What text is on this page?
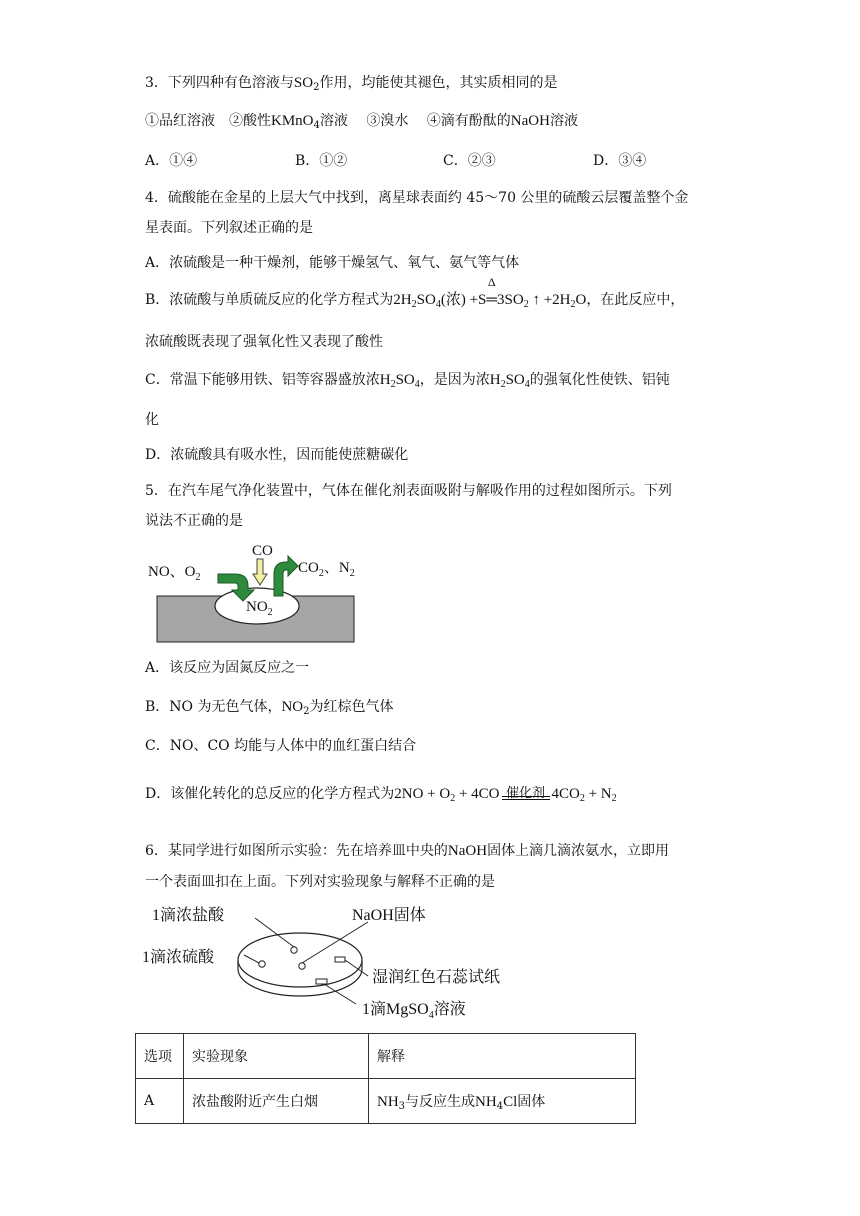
3．下列四种有色溶液与$SO_2$作用，均能使其褪色，其实质相同的是
①品红溶液　②酸性KMnO$_4$溶液　 ③溴水　 ④滴有酚酞的NaOH溶液
A．①④	B．①②	C．②③	D．③④
4．硫酸能在金星的上层大气中找到，离星球表面约 45～70 公里的硫酸云层覆盖整个金
星表面。下列叙述正确的是
A．浓硫酸是一种干燥剂，能够干燥氢气、氧气、氨气等气体
B．浓硫酸与单质硫反应的化学方程式为$2H_2SO_4$(浓) +S
Δ
$═3SO_2$ ↑ $+2H_2O$，在此反应中，
浓硫酸既表现了强氧化性又表现了酸性
C．常温下能够用铁、铝等容器盛放浓$H_2SO_4$，是因为浓$H_2SO_4$的强氧化性使铁、铝钝
化
D．浓硫酸具有吸水性，因而能使蔗糖碳化
5．在汽车尾气净化装置中，气体在催化剂表面吸附与解吸作用的过程如图所示。下列
说法不正确的是
$NO_2$
CO
NO、$O_2$
$CO_2$、$N_2$
A．该反应为固氮反应之一
B．NO 为无色气体，$NO_2$为红棕色气体
C．NO、CO 均能与人体中的血红蛋白结合
D．该催化转化的总反应的化学方程式为$2NO + O_2 + 4CO$ 催化剂 $4CO_2 + N_2$
6．某同学进行如图所示实验：先在培养皿中央的NaOH固体上滴几滴浓氨水，立即用
一个表面皿扣在上面。下列对实验现象与解释不正确的是
1滴浓盐酸	NaOH固体
1滴浓硫酸
湿润红色石蕊试纸
1滴MgSO$_4$溶液
选项	实验现象	解释
A	浓盐酸附近产生白烟	$NH_3$与反应生成$NH_4Cl$固体
